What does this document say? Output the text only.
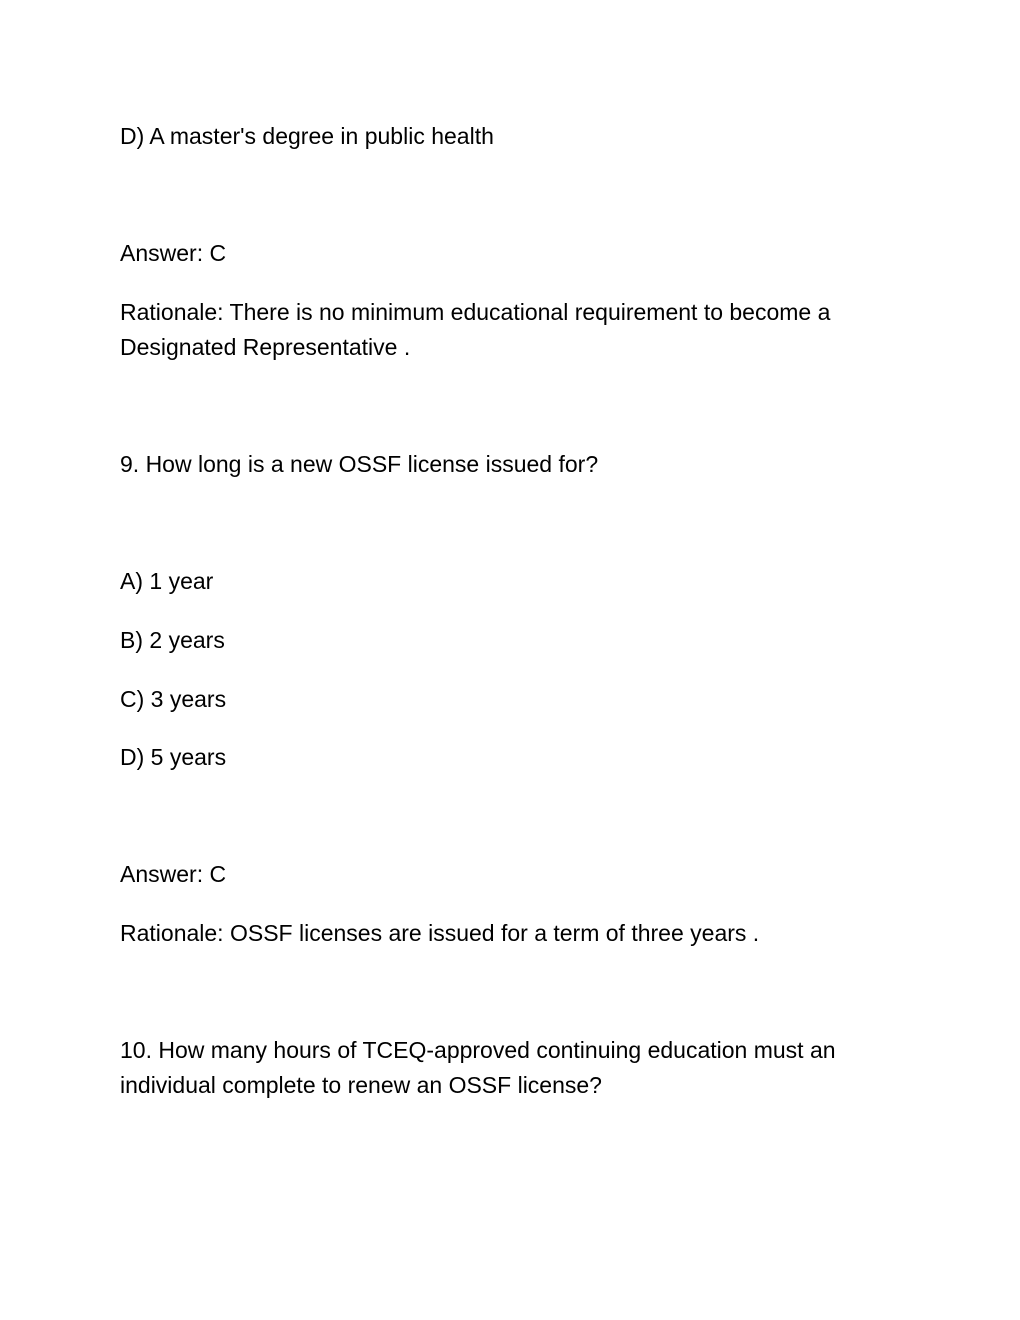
D) A master's degree in public health

Answer: C

Rationale: There is no minimum educational requirement to become a Designated Representative .

9. How long is a new OSSF license issued for?

A) 1 year

B) 2 years

C) 3 years

D) 5 years

Answer: C

Rationale: OSSF licenses are issued for a term of three years .

10. How many hours of TCEQ-approved continuing education must an individual complete to renew an OSSF license?
